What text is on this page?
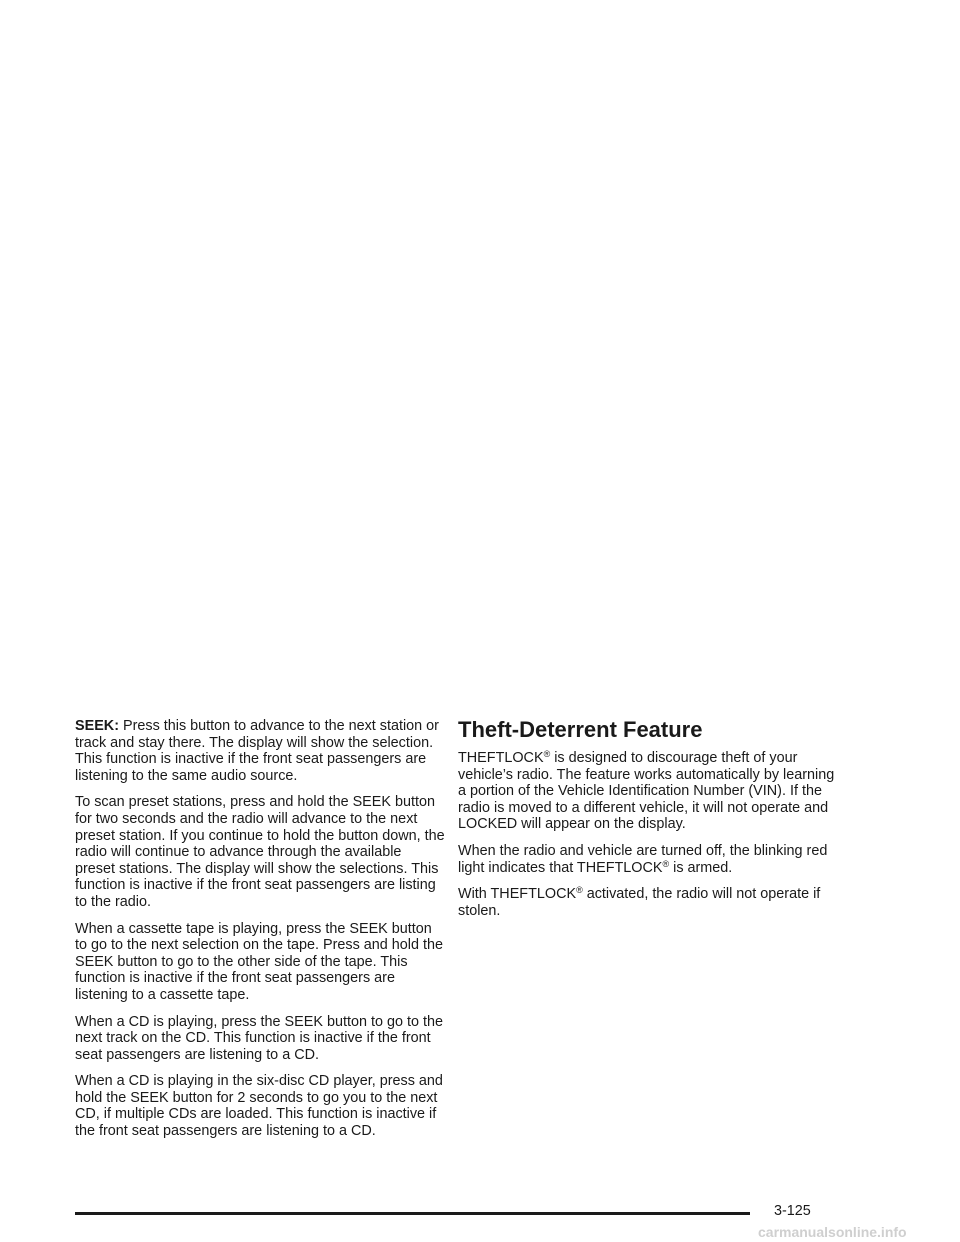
SEEK: Press this button to advance to the next station or track and stay there. The display will show the selection. This function is inactive if the front seat passengers are listening to the same audio source.

To scan preset stations, press and hold the SEEK button for two seconds and the radio will advance to the next preset station. If you continue to hold the button down, the radio will continue to advance through the available preset stations. The display will show the selections. This function is inactive if the front seat passengers are listing to the radio.

When a cassette tape is playing, press the SEEK button to go to the next selection on the tape. Press and hold the SEEK button to go to the other side of the tape. This function is inactive if the front seat passengers are listening to a cassette tape.

When a CD is playing, press the SEEK button to go to the next track on the CD. This function is inactive if the front seat passengers are listening to a CD.

When a CD is playing in the six-disc CD player, press and hold the SEEK button for 2 seconds to go you to the next CD, if multiple CDs are loaded. This function is inactive if the front seat passengers are listening to a CD.

Theft-Deterrent Feature

THEFTLOCK® is designed to discourage theft of your vehicle’s radio. The feature works automatically by learning a portion of the Vehicle Identification Number (VIN). If the radio is moved to a different vehicle, it will not operate and LOCKED will appear on the display.

When the radio and vehicle are turned off, the blinking red light indicates that THEFTLOCK® is armed.

With THEFTLOCK® activated, the radio will not operate if stolen.

3-125
carmanualsonline.info
